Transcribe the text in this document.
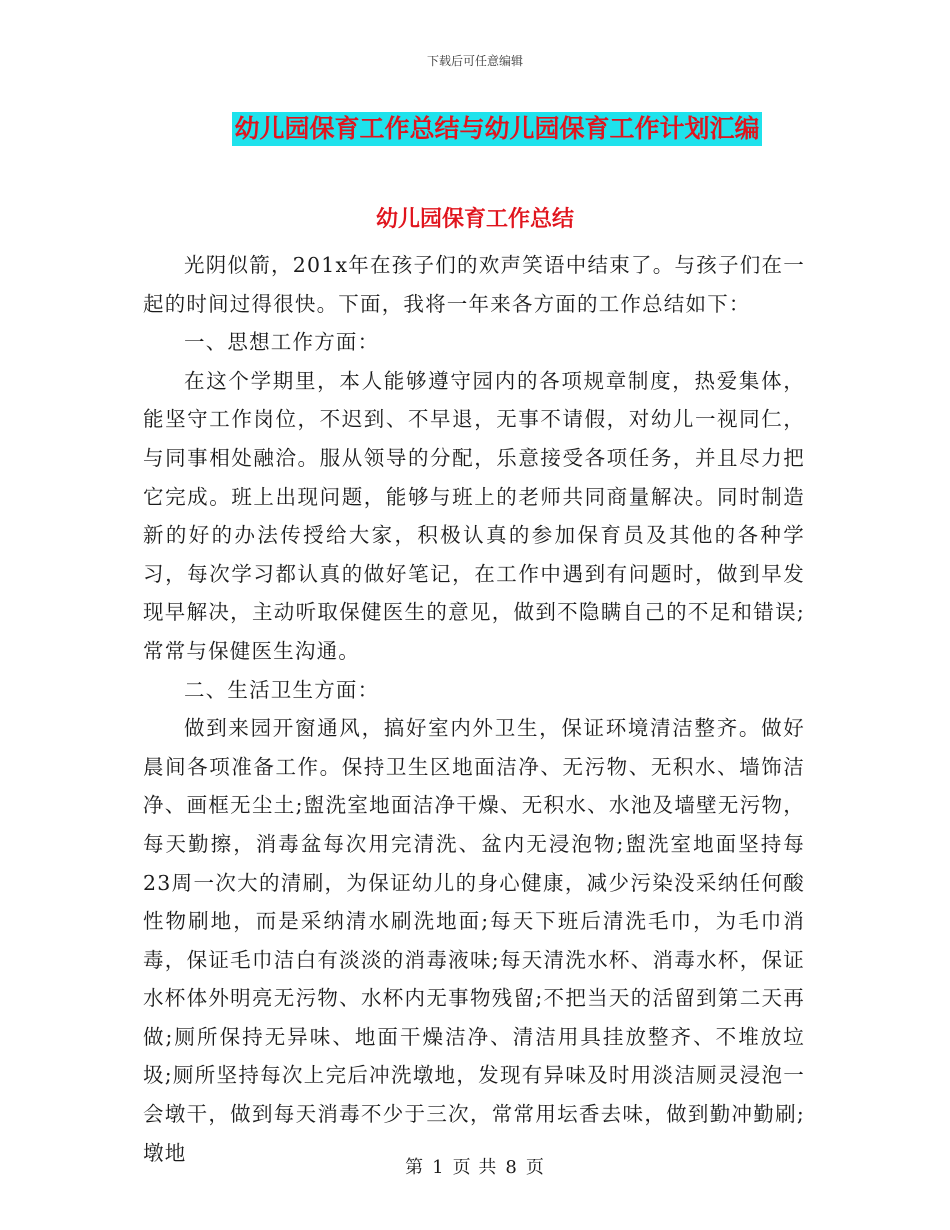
下载后可任意编辑
幼儿园保育工作总结与幼儿园保育工作计划汇编
幼儿园保育工作总结

光阴似箭，201x年在孩子们的欢声笑语中结束了。与孩子们在一起的时间过得很快。下面，我将一年来各方面的工作总结如下：

一、思想工作方面：

在这个学期里，本人能够遵守园内的各项规章制度，热爱集体，能坚守工作岗位，不迟到、不早退，无事不请假，对幼儿一视同仁，与同事相处融洽。服从领导的分配，乐意接受各项任务，并且尽力把它完成。班上出现问题，能够与班上的老师共同商量解决。同时制造新的好的办法传授给大家，积极认真的参加保育员及其他的各种学习，每次学习都认真的做好笔记，在工作中遇到有问题时，做到早发现早解决，主动听取保健医生的意见，做到不隐瞒自己的不足和错误;常常与保健医生沟通。

二、生活卫生方面：

做到来园开窗通风，搞好室内外卫生，保证环境清洁整齐。做好晨间各项准备工作。保持卫生区地面洁净、无污物、无积水、墙饰洁净、画框无尘土;盥洗室地面洁净干燥、无积水、水池及墙壁无污物，每天勤擦，消毒盆每次用完清洗、盆内无浸泡物;盥洗室地面坚持每23周一次大的清刷，为保证幼儿的身心健康，减少污染没采纳任何酸性物刷地，而是采纳清水刷洗地面;每天下班后清洗毛巾，为毛巾消毒，保证毛巾洁白有淡淡的消毒液味;每天清洗水杯、消毒水杯，保证水杯体外明亮无污物、水杯内无事物残留;不把当天的活留到第二天再做;厕所保持无异味、地面干燥洁净、清洁用具挂放整齐、不堆放垃圾;厕所坚持每次上完后冲洗墩地，发现有异味及时用淡洁厕灵浸泡一会墩干，做到每天消毒不少于三次，常常用坛香去味，做到勤冲勤刷;墩地

第 1 页 共 8 页
